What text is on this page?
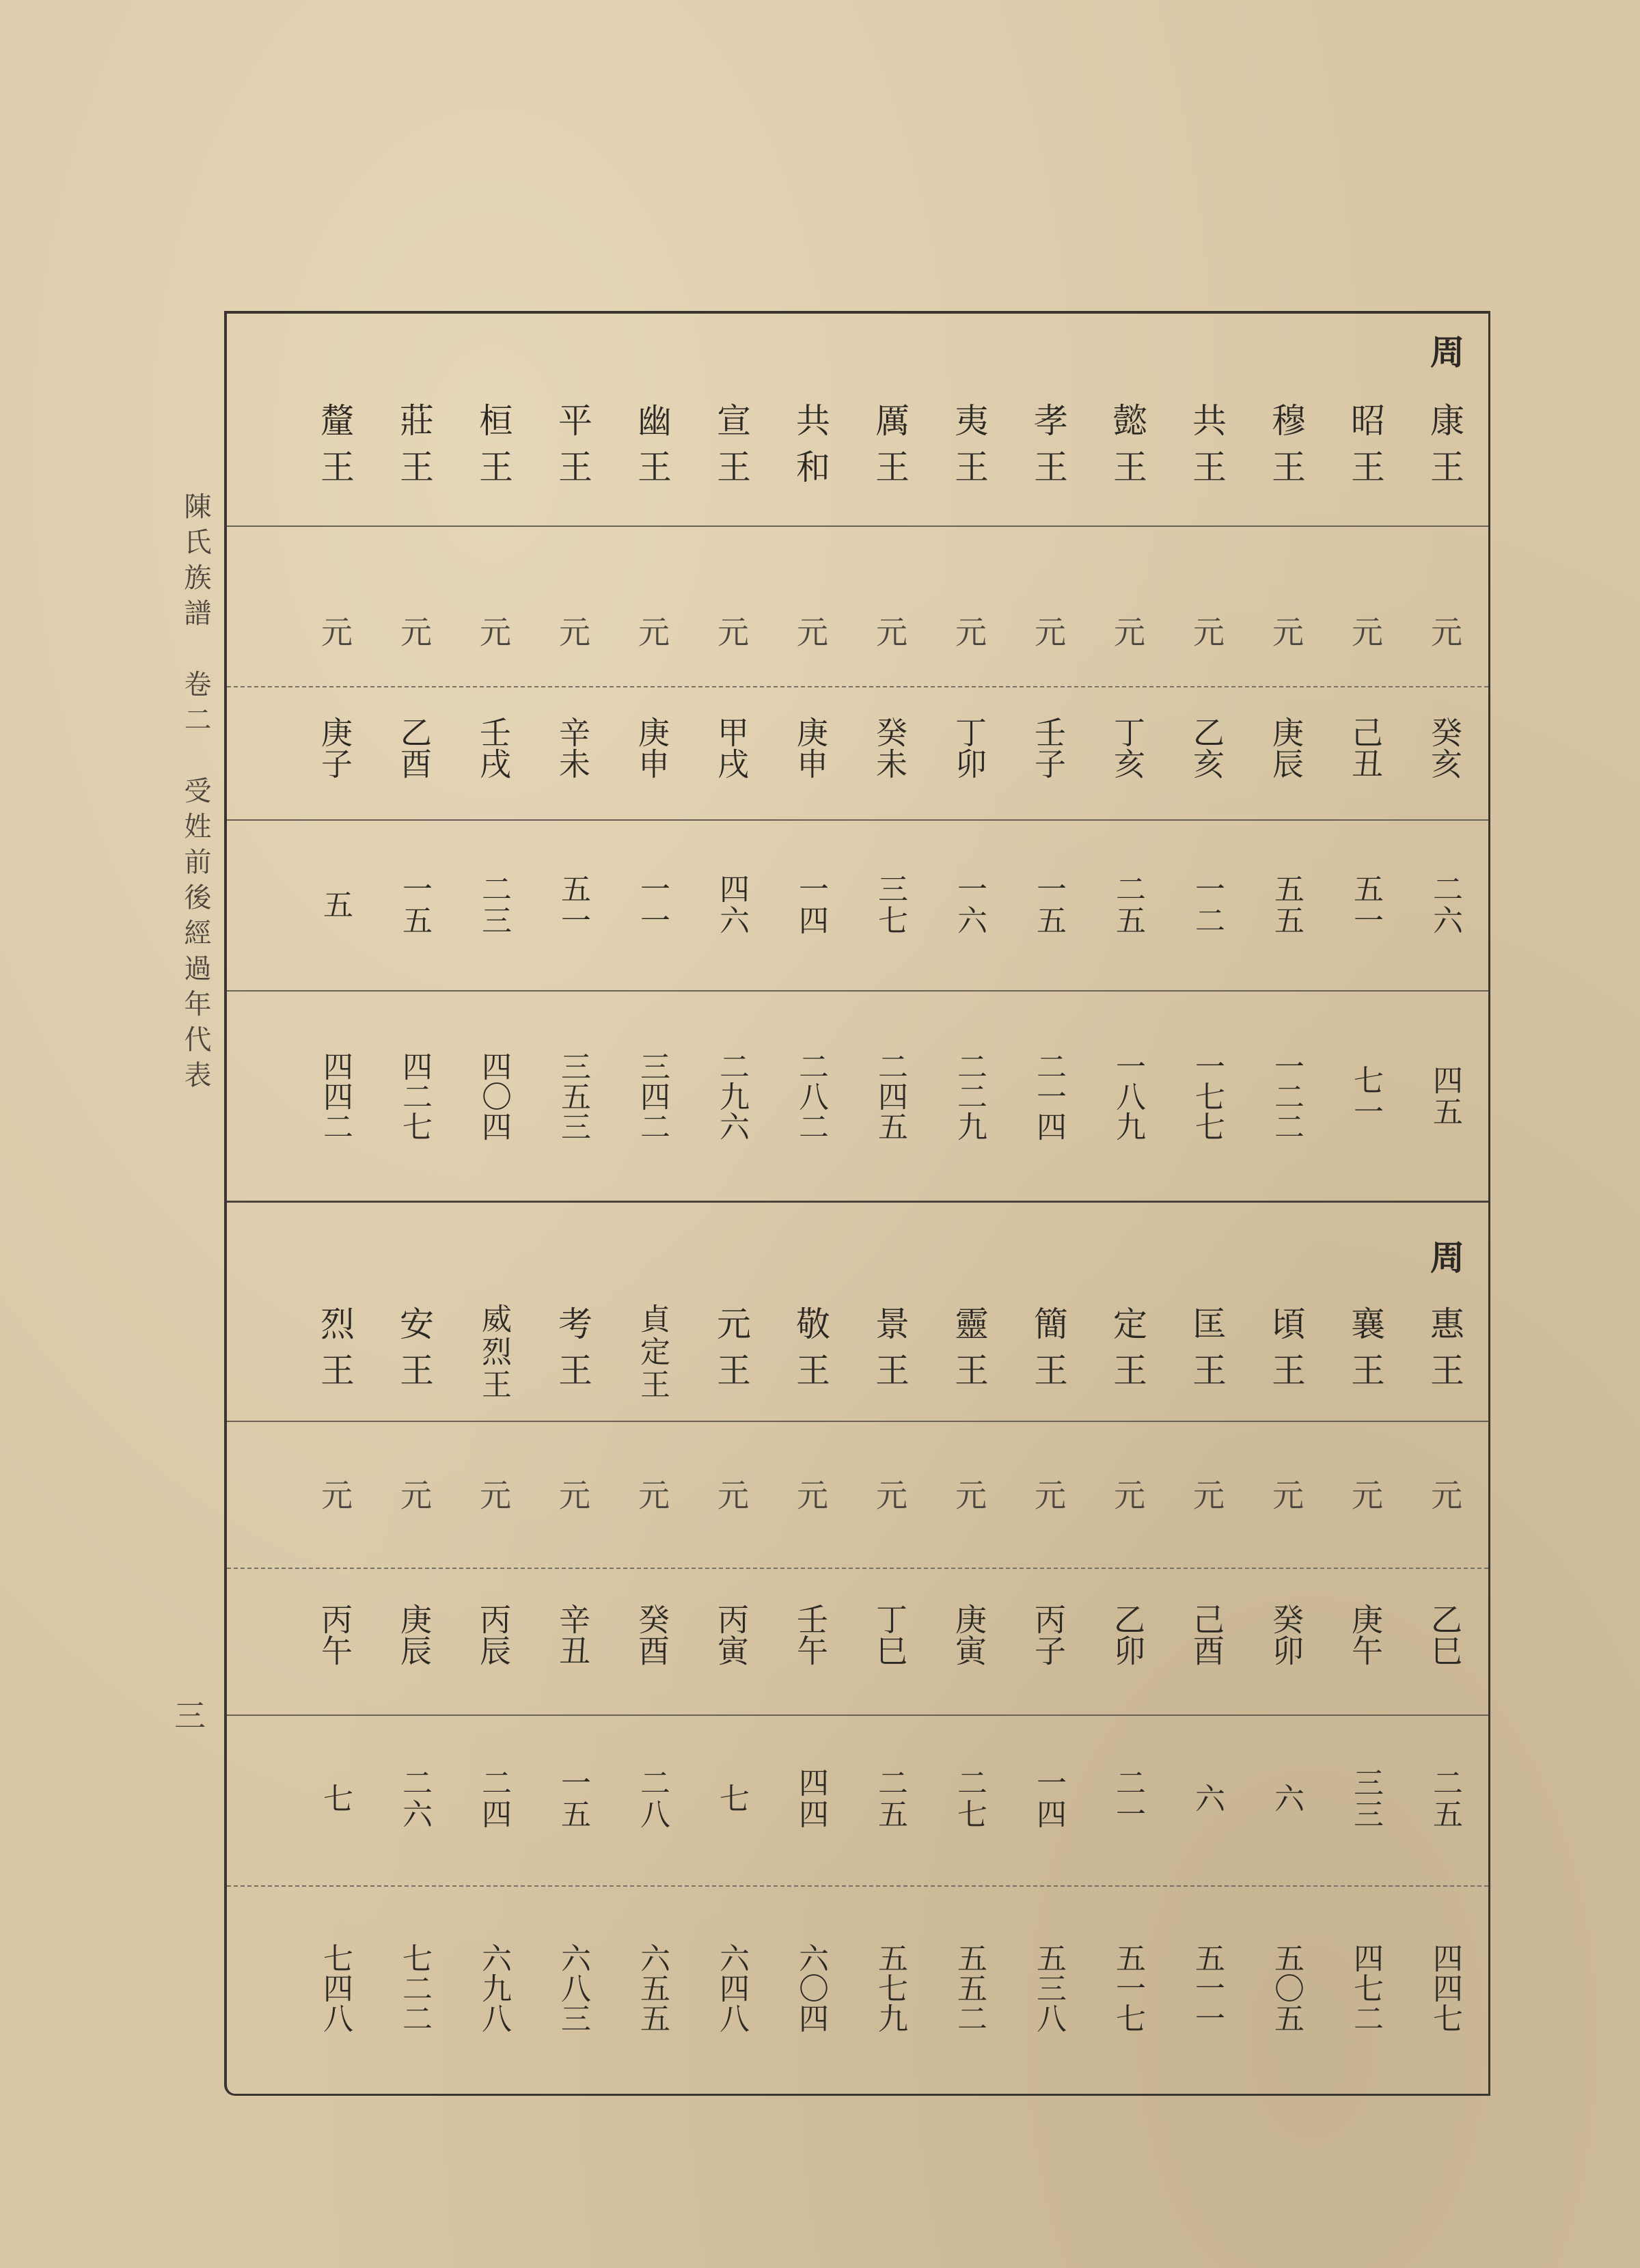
陳氏族譜　卷二　受姓前後經過年代表
三
周
康王
元
癸亥
二六
四五
昭王
元
己丑
五一
七一
穆王
元
庚辰
五五
一二二
共王
元
乙亥
一二
一七七
懿王
元
丁亥
二五
一八九
孝王
元
壬子
一五
二一四
夷王
元
丁卯
一六
二二九
厲王
元
癸未
三七
二四五
共和
元
庚申
一四
二八二
宣王
元
甲戌
四六
二九六
幽王
元
庚申
一一
三四二
平王
元
辛未
五一
三五三
桓王
元
壬戌
二三
四〇四
莊王
元
乙酉
一五
四二七
釐王
元
庚子
五
四四二
周
惠王
元
乙巳
二五
四四七
襄王
元
庚午
三三
四七二
頃王
元
癸卯
六
五〇五
匡王
元
己酉
六
五一一
定王
元
乙卯
二一
五一七
簡王
元
丙子
一四
五三八
靈王
元
庚寅
二七
五五二
景王
元
丁巳
二五
五七九
敬王
元
壬午
四四
六〇四
元王
元
丙寅
七
六四八
貞定王
元
癸酉
二八
六五五
考王
元
辛丑
一五
六八三
威烈王
元
丙辰
二四
六九八
安王
元
庚辰
二六
七二二
烈王
元
丙午
七
七四八
